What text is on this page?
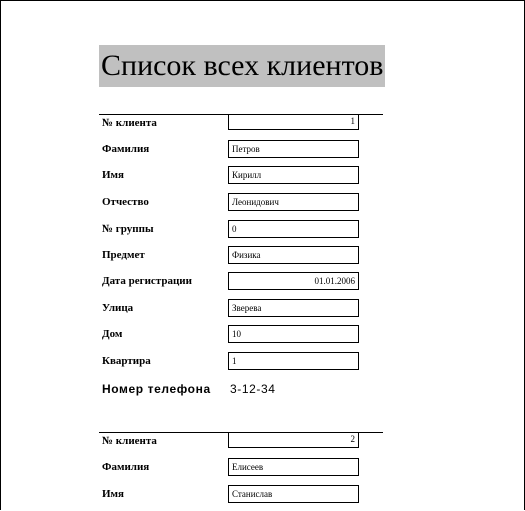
Список всех клиентов
№ клиента	1
Фамилия	Петров
Имя	Кирилл
Отчество	Леонидович
№ группы	0
Предмет	Физика
Дата регистрации	01.01.2006
Улица	Зверева
Дом	10
Квартира	1
Номер телефона 3-12-34
№ клиента	2
Фамилия	Елисеев
Имя	Станислав
